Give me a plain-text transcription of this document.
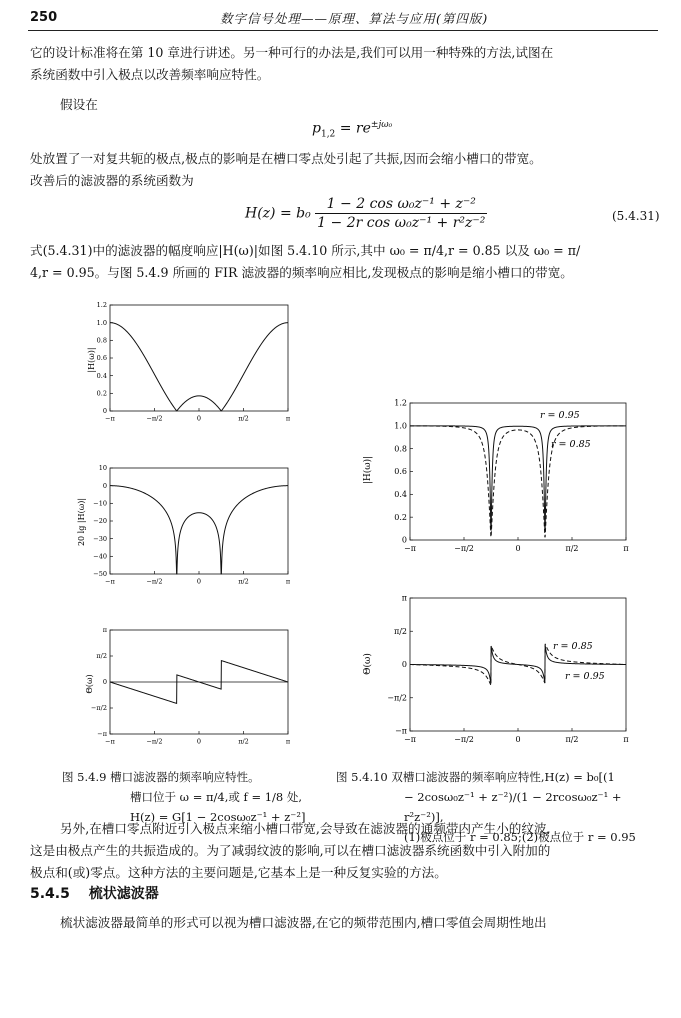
250	数字信号处理——原理、算法与应用(第四版)
它的设计标准将在第 10 章进行讲述。另一种可行的办法是,我们可以用一种特殊的方法,试图在
系统函数中引入极点以改善频率响应特性。
假设在
$p_{1,2} = re^{\pm j\omega_0}$
处放置了一对复共轭的极点,极点的影响是在槽口零点处引起了共振,因而会缩小槽口的带宽。
改善后的滤波器的系统函数为
$H(z) = b_0 \frac{\text{1 − 2 cos ω₀z⁻¹ + z⁻²}}{\text{1 − 2r cos ω₀z⁻¹ + r²z⁻²}}$	(5.4.31)
式(5.4.31)中的滤波器的幅度响应|H(ω)|如图 5.4.10 所示,其中 ω₀ = π/4,r = 0.85 以及 ω₀ = π/
4,r = 0.95。与图 5.4.9 所画的 FIR 滤波器的频率响应相比,发现极点的影响是缩小槽口的带宽。
|H(ω)|
−π	−π/2	0	π/2	π
0
0.2
0.4
0.6
0.8
1.0
1.2
20 lg |H(ω)|
−π	−π/2	0	π/2	π
10
0
−10
−20
−30
−40
−50
Θ(ω)
−π	−π/2	0	π/2	π
π
π/2
0
−π/2
−π
|H(ω)|
−π	−π/2	0	π/2	π
0
0.2
0.4
0.6
0.8
1.0
1.2
r = 0.95
r = 0.85
Θ(ω)
−π	−π/2	0	π/2	π
π
π/2
0
−π/2
−π
r = 0.85
r = 0.95
图 5.4.9 槽口滤波器的频率响应特性。
槽口位于 ω = π/4,或 f = 1/8 处,
H(z) = G[1 − 2cosω₀z⁻¹ + z⁻²]
图 5.4.10 双槽口滤波器的频率响应特性,H(z) = b₀[(1
− 2cosω₀z⁻¹ + z⁻²)/(1 − 2rcosω₀z⁻¹ + r²z⁻²)],
(1)极点位于 r = 0.85;(2)极点位于 r = 0.95
另外,在槽口零点附近引入极点来缩小槽口带宽,会导致在滤波器的通频带内产生小的纹波,
这是由极点产生的共振造成的。为了减弱纹波的影响,可以在槽口滤波器系统函数中引入附加的
极点和(或)零点。这种方法的主要问题是,它基本上是一种反复实验的方法。
5.4.5 梳状滤波器
梳状滤波器最简单的形式可以视为槽口滤波器,在它的频带范围内,槽口零值会周期性地出
